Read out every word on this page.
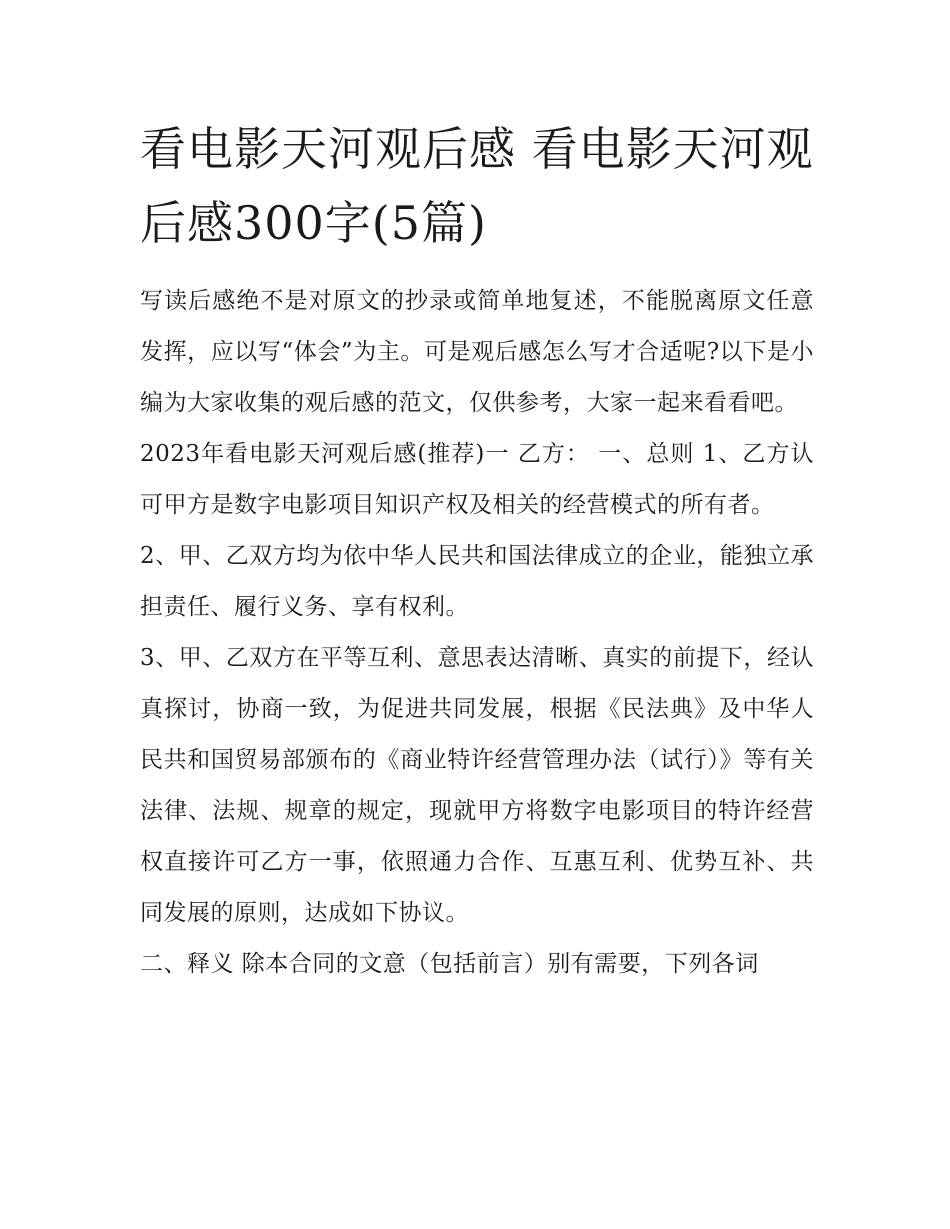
看电影天河观后感 看电影天河观后感300字(5篇)

写读后感绝不是对原文的抄录或简单地复述，不能脱离原文任意发挥，应以写“体会”为主。可是观后感怎么写才合适呢?以下是小编为大家收集的观后感的范文，仅供参考，大家一起来看看吧。

2023年看电影天河观后感(推荐)一 乙方： 一、总则 1、乙方认可甲方是数字电影项目知识产权及相关的经营模式的所有者。

2、甲、乙双方均为依中华人民共和国法律成立的企业，能独立承担责任、履行义务、享有权利。

3、甲、乙双方在平等互利、意思表达清晰、真实的前提下，经认真探讨，协商一致，为促进共同发展，根据《民法典》及中华人民共和国贸易部颁布的《商业特许经营管理办法（试行）》等有关法律、法规、规章的规定，现就甲方将数字电影项目的特许经营权直接许可乙方一事，依照通力合作、互惠互利、优势互补、共同发展的原则，达成如下协议。

二、释义 除本合同的文意（包括前言）别有需要，下列各词
